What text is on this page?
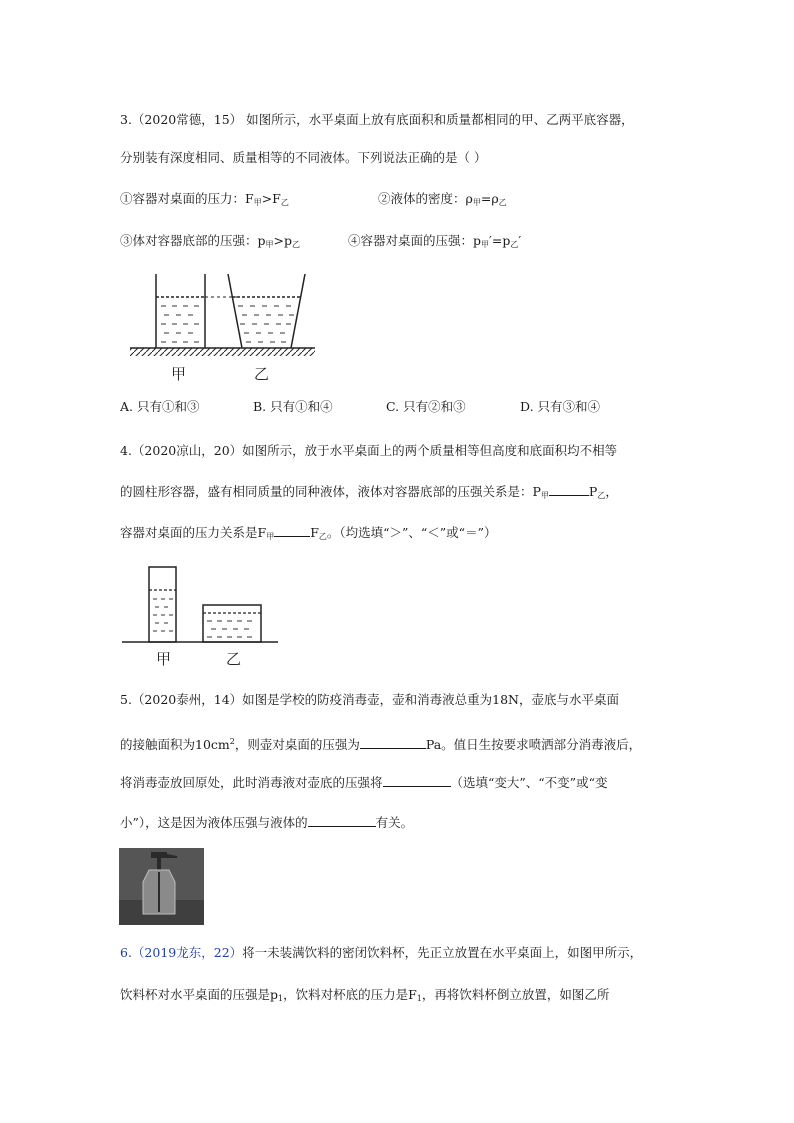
3.（2020常德，15） 如图所示，水平桌面上放有底面积和质量都相同的甲、乙两平底容器，
分别装有深度相同、质量相等的不同液体。下列说法正确的是（ ）
①容器对桌面的压力：$F_甲>F_乙$	②液体的密度：$\rho_甲=\rho_乙$
③体对容器底部的压强：$p_甲>p_乙$	④容器对桌面的压强：$p_甲'=p_乙'$
甲	乙
A. 只有①和③	B. 只有①和④	C. 只有②和③	D. 只有③和④
4.（2020凉山，20）如图所示，放于水平桌面上的两个质量相等但高度和底面积均不相等
的圆柱形容器，盛有相同质量的同种液体，液体对容器底部的压强关系是：$P_甲$	$P_乙$，
容器对桌面的压力关系是$F_甲$	$F_乙$。（均选填“＞”、“＜”或“＝”）
甲	乙
5.（2020泰州，14）如图是学校的防疫消毒壶，壶和消毒液总重为18N，壶底与水平桌面
的接触面积为$10cm^2$，则壶对桌面的压强为	Pa。值日生按要求喷洒部分消毒液后，
将消毒壶放回原处，此时消毒液对壶底的压强将	（选填“变大”、“不变”或“变
小”），这是因为液体压强与液体的	有关。
6.（2019龙东，22）将一未装满饮料的密闭饮料杯，先正立放置在水平桌面上，如图甲所示，
饮料杯对水平桌面的压强是$p_1$，饮料对杯底的压力是$F_1$，再将饮料杯倒立放置，如图乙所
